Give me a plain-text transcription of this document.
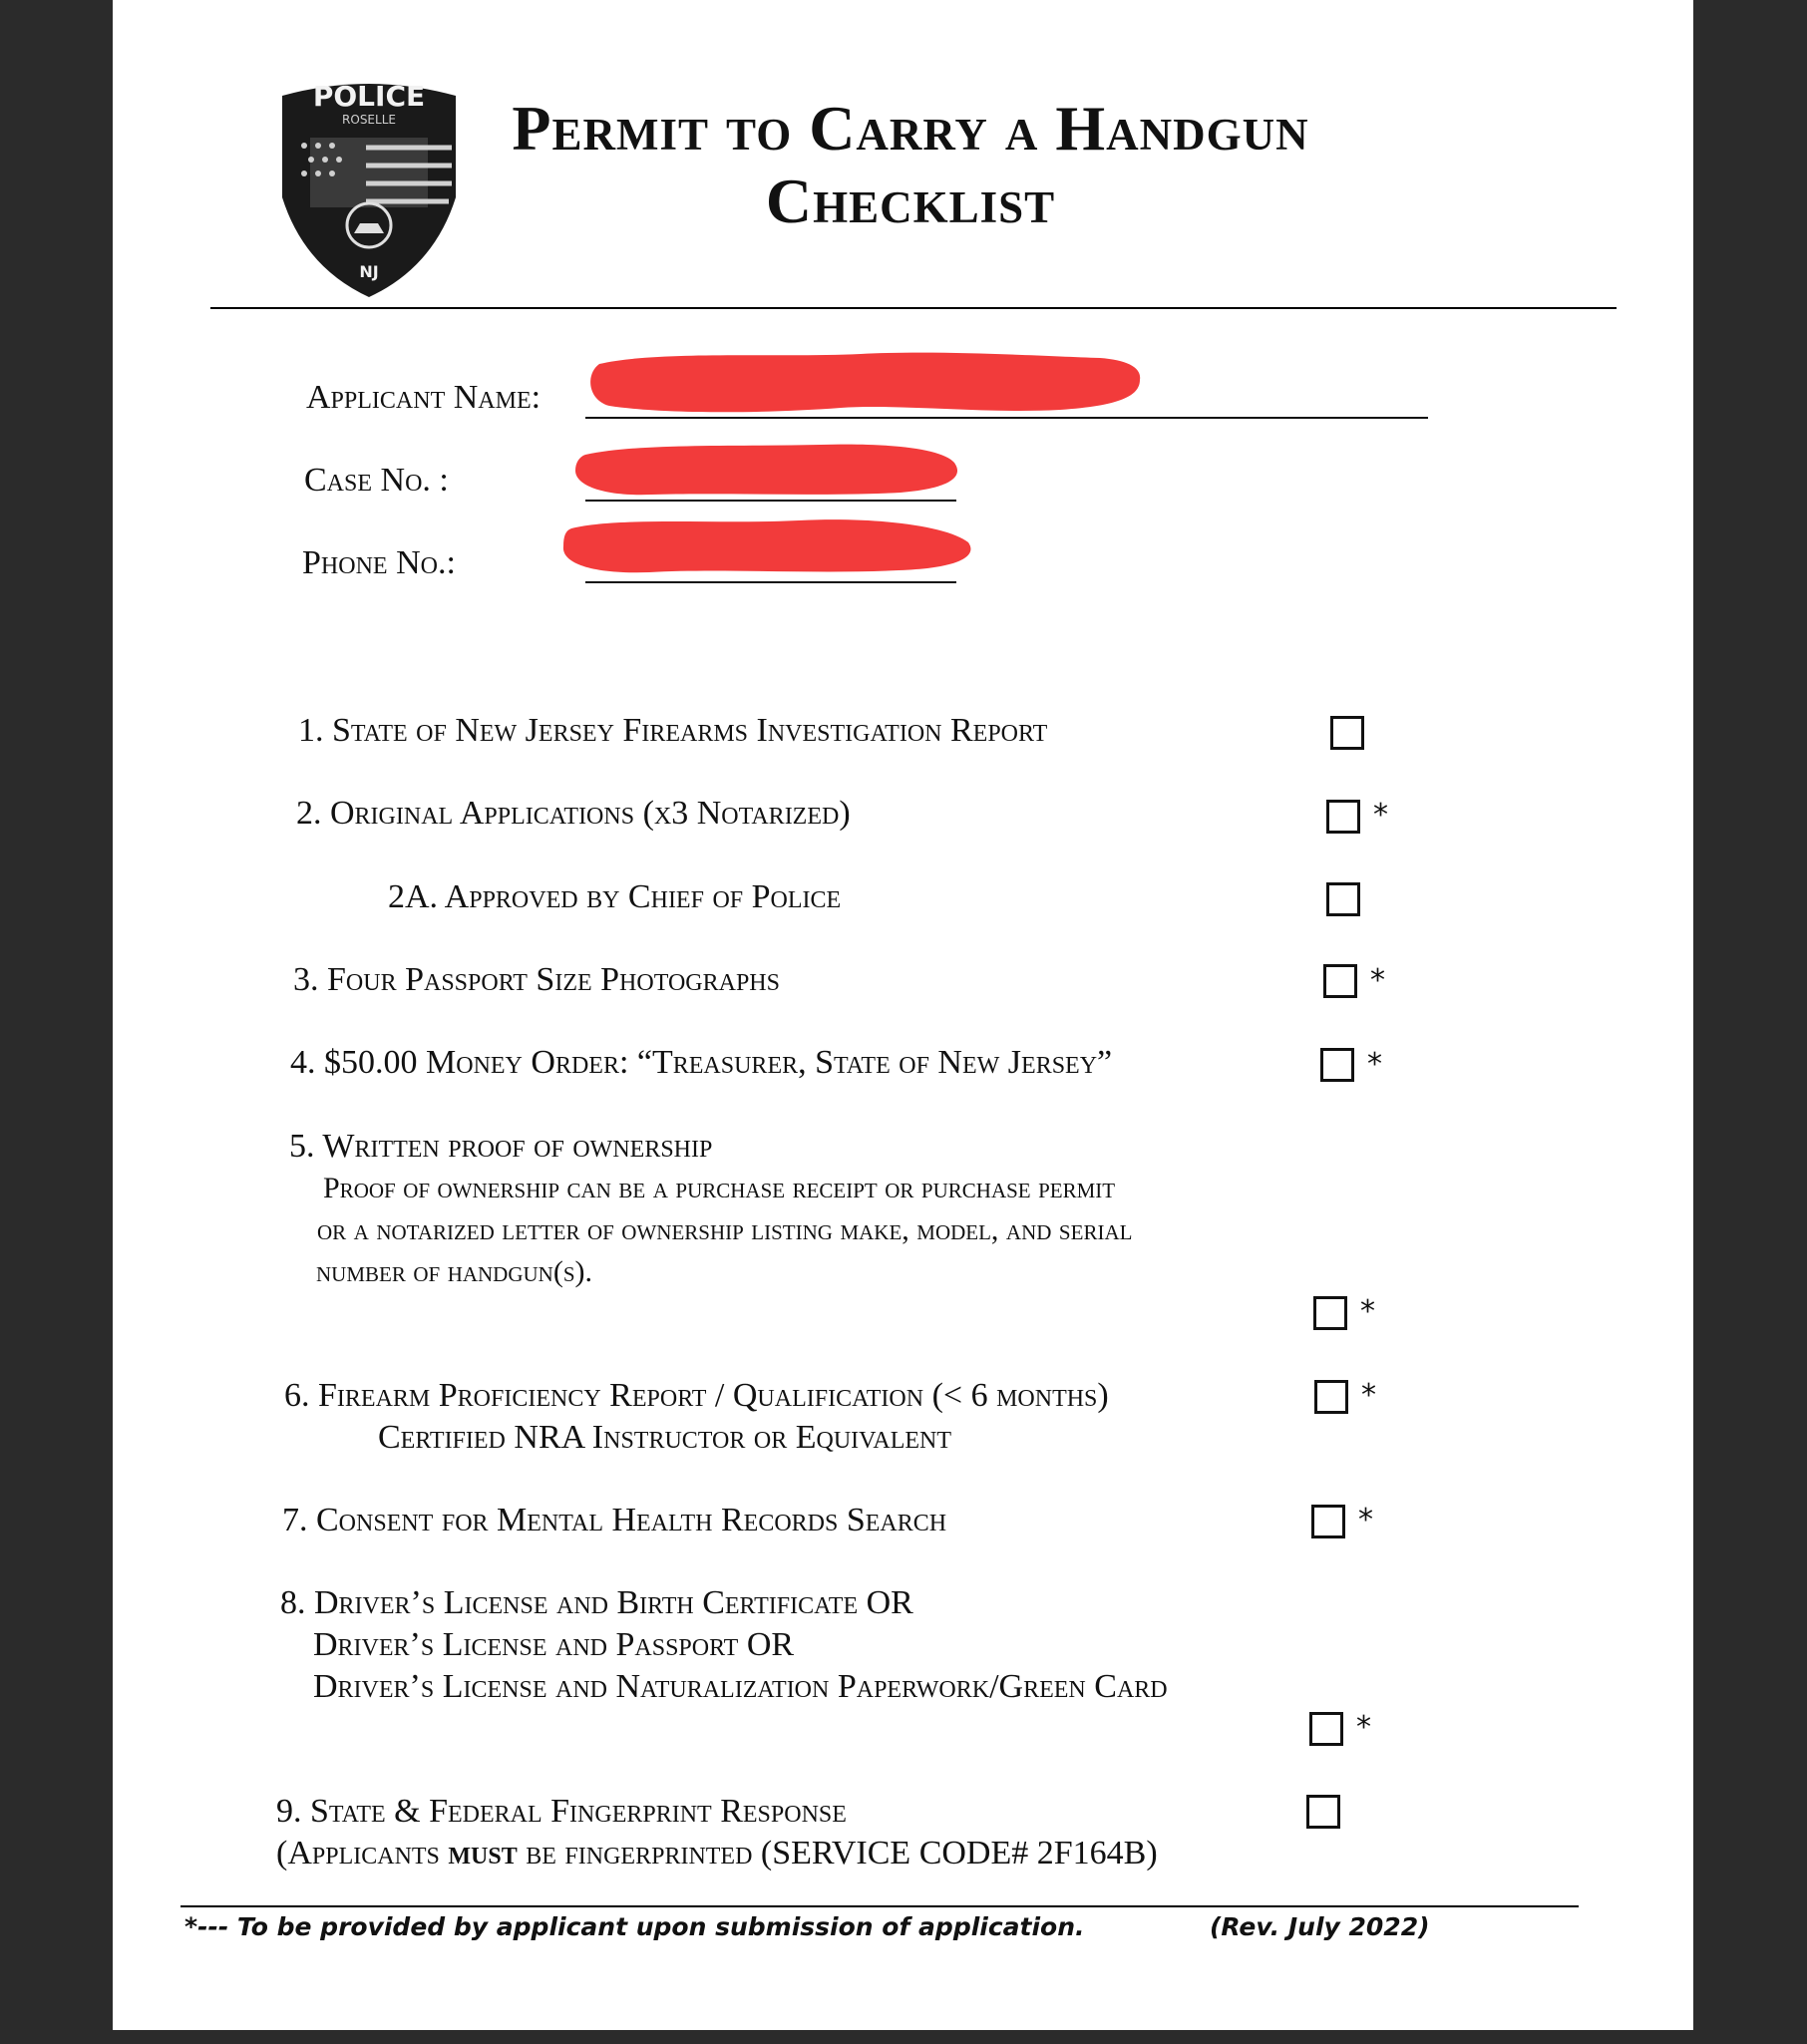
POLICE
ROSELLE
NJ
Permit to Carry a Handgun
Checklist
Applicant Name:
Case No. :
Phone No.:
1. State of New Jersey Firearms Investigation Report
2. Original Applications (x3 Notarized)	*
2A. Approved by Chief of Police
3. Four Passport Size Photographs	*
4. $50.00 Money Order: “Treasurer, State of New Jersey”	*
5. Written proof of ownership
Proof of ownership can be a purchase receipt or purchase permit
or a notarized letter of ownership listing make, model, and serial
number of handgun(s).
*
6. Firearm Proficiency Report / Qualification (< 6 months)
Certified NRA Instructor or Equivalent
*
7. Consent for Mental Health Records Search	*
8. Driver’s License and Birth Certificate OR
Driver’s License and Passport OR
Driver’s License and Naturalization Paperwork/Green Card
*
9. State & Federal Fingerprint Response
(Applicants must be fingerprinted (SERVICE CODE# 2F164B)
*--- To be provided by applicant upon submission of application.	(Rev. July 2022)
